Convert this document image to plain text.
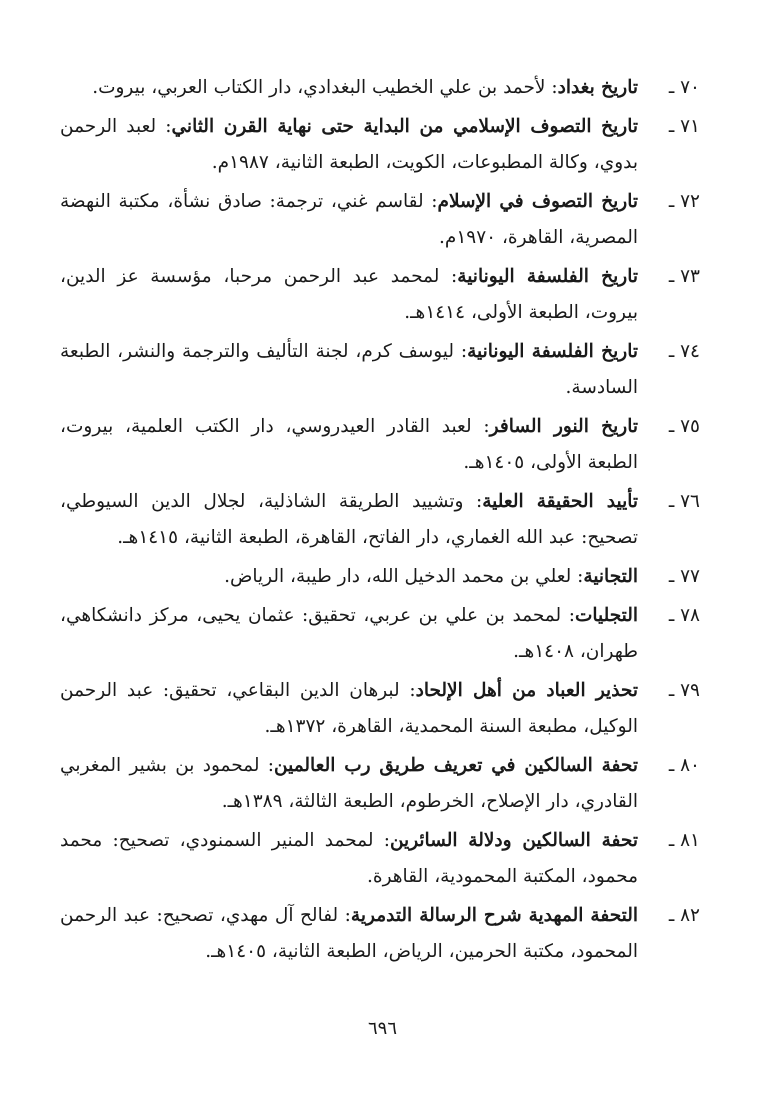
٧٠ ـ
تاريخ بغداد: لأحمد بن علي الخطيب البغدادي، دار الكتاب العربي، بيروت.
٧١ ـ
تاريخ التصوف الإسلامي من البداية حتى نهاية القرن الثاني: لعبد الرحمن بدوي، وكالة المطبوعات، الكويت، الطبعة الثانية، ١٩٨٧م.
٧٢ ـ
تاريخ التصوف في الإسلام: لقاسم غني، ترجمة: صادق نشأة، مكتبة النهضة المصرية، القاهرة، ١٩٧٠م.
٧٣ ـ
تاريخ الفلسفة اليونانية: لمحمد عبد الرحمن مرحبا، مؤسسة عز الدين، بيروت، الطبعة الأولى، ١٤١٤هـ.
٧٤ ـ
تاريخ الفلسفة اليونانية: ليوسف كرم، لجنة التأليف والترجمة والنشر، الطبعة السادسة.
٧٥ ـ
تاريخ النور السافر: لعبد القادر العيدروسي، دار الكتب العلمية، بيروت، الطبعة الأولى، ١٤٠٥هـ.
٧٦ ـ
تأييد الحقيقة العلية: وتشييد الطريقة الشاذلية، لجلال الدين السيوطي، تصحيح: عبد الله الغماري، دار الفاتح، القاهرة، الطبعة الثانية، ١٤١٥هـ.
٧٧ ـ
التجانية: لعلي بن محمد الدخيل الله، دار طيبة، الرياض.
٧٨ ـ
التجليات: لمحمد بن علي بن عربي، تحقيق: عثمان يحيى، مركز دانشكاهي، طهران، ١٤٠٨هـ.
٧٩ ـ
تحذير العباد من أهل الإلحاد: لبرهان الدين البقاعي، تحقيق: عبد الرحمن الوكيل، مطبعة السنة المحمدية، القاهرة، ١٣٧٢هـ.
٨٠ ـ
تحفة السالكين في تعريف طريق رب العالمين: لمحمود بن بشير المغربي القادري، دار الإصلاح، الخرطوم، الطبعة الثالثة، ١٣٨٩هـ.
٨١ ـ
تحفة السالكين ودلالة السائرين: لمحمد المنير السمنودي، تصحيح: محمد محمود، المكتبة المحمودية، القاهرة.
٨٢ ـ
التحفة المهدية شرح الرسالة التدمرية: لفالح آل مهدي، تصحيح: عبد الرحمن المحمود، مكتبة الحرمين، الرياض، الطبعة الثانية، ١٤٠٥هـ.
٦٩٦
